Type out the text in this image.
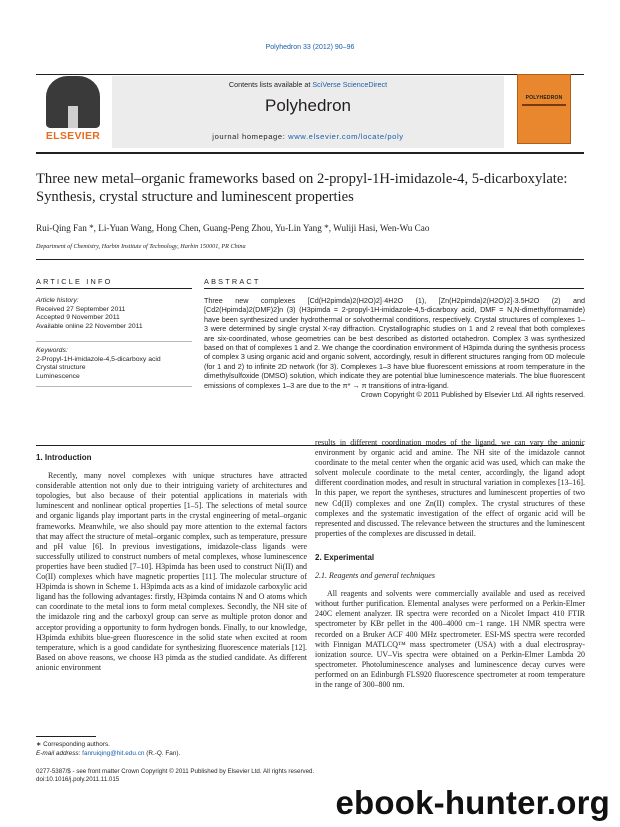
Polyhedron 33 (2012) 90–96
ELSEVIER
Contents lists available at SciVerse ScienceDirect
Polyhedron
journal homepage: www.elsevier.com/locate/poly
POLYHEDRON
Three new metal–organic frameworks based on 2-propyl-1H-imidazole-4, 5-dicarboxylate: Synthesis, crystal structure and luminescent properties
Rui-Qing Fan *, Li-Yuan Wang, Hong Chen, Guang-Peng Zhou, Yu-Lin Yang *, Wuliji Hasi, Wen-Wu Cao
Department of Chemistry, Harbin Institute of Technology, Harbin 150001, PR China
ARTICLE INFO	ABSTRACT
Article history:
Received 27 September 2011
Accepted 9 November 2011
Available online 22 November 2011
Keywords:
2-Propyl-1H-imidazole-4,5-dicarboxy acid
Crystal structure
Luminescence
Three new complexes [Cd(H2pimda)2(H2O)2]·4H2O (1), [Zn(H2pimda)2(H2O)2]·3.5H2O (2) and [Cd2(Hpimda)2(DMF)2]n (3) (H3pimda = 2-propyl-1H-imidazole-4,5-dicarboxy acid, DMF = N,N-dimethylformamide) have been synthesized under hydrothermal or solvothermal conditions, respectively. Crystal structures of complexes 1–3 were determined by single crystal X-ray diffraction. Crystallographic studies on 1 and 2 reveal that both complexes are six-coordinated, whose geometries can be best described as distorted octahedron. Complex 3 was synthesized based on that of complexes 1 and 2. We change the coordination environment of H3pimda during the synthesis process of complex 3 using organic acid and organic solvent, accordingly, result in different structures ranging from 0D molecule (for 1 and 2) to infinite 2D network (for 3). Complexes 1–3 have blue fluorescent emissions at room temperature in the dimethylsulfoxide (DMSO) solution, which indicate they are potential blue luminescence materials. The blue fluorescent emissions of complexes 1–3 are due to the π* → π transitions of intra-ligand.
Crown Copyright © 2011 Published by Elsevier Ltd. All rights reserved.
1. Introduction

Recently, many novel complexes with unique structures have attracted considerable attention not only due to their intriguing variety of architectures and topologies, but also because of their potential applications in materials with luminescent and nonlinear optical properties [1–5]. The selections of metal source and organic ligands play important parts in the crystal engineering of metal–organic frameworks. Meanwhile, we also should pay more attention to the external factors that may affect the structure of metal–organic complex, such as temperature, pressure and pH value [6]. In previous investigations, imidazole-class ligands were successfully utilized to construct numbers of metal complexes, whose luminescence properties have been studied [7–10]. H3pimda has been used to construct Ni(II) and Co(II) complexes which have magnetic properties [11]. The molecular structure of H3pimda is shown in Scheme 1. H3pimda acts as a kind of imidazole carboxylic acid ligand has the following advantages: firstly, H3pimda contains N and O atoms which can coordinate to the metal ions to form metal complexes. Secondly, the NH site of the imidazole ring and the carboxyl group can serve as multiple proton donor and acceptor providing a opportunity to form hydrogen bonds. Finally, to our knowledge, H3pimda exhibits blue-green fluorescence in the solid state when excited at room temperature, which is a good candidate for synthesizing fluorescence materials [12]. Based on above reasons, we choose H3 pimda as the studied candidate. As different anionic environment

results in different coordination modes of the ligand, we can vary the anionic environment by organic acid and amine. The NH site of the imidazole cannot coordinate to the metal center when the organic acid was used, which can make the solvent molecule coordinate to the metal center, accordingly, the ligand adopt different coordination modes, and result in structural variation in complexes [13–16]. In this paper, we report the syntheses, structures and luminescent properties of two new Cd(II) complexes and one Zn(II) complex. The crystal structures of these complexes and the systematic investigation of the effect of organic acid will be represented and discussed. The relevance between the structures and the luminescent properties of the complexes are discussed in detail.

2. Experimental
2.1. Reagents and general techniques

All reagents and solvents were commercially available and used as received without further purification. Elemental analyses were performed on a Perkin-Elmer 240C element analyzer. IR spectra were recorded on a Nicolet Impact 410 FTIR spectrometer by KBr pellet in the 400–4000 cm−1 range. 1H NMR spectra were recorded on a Bruker ACF 400 MHz spectrometer. ESI-MS spectra were recorded with Finnigan MATLCQ™ mass spectrometer (USA) with a dual electrospray-ionization source. UV–Vis spectra were obtained on a Perkin-Elmer Lambda 20 spectrometer. Photoluminescence analyses and luminescence decay curves were performed on an Edinburgh FLS920 fluorescence spectrometer at room temperature in the range of 300–800 nm.

∗ Corresponding authors.
E-mail address: fanruiqing@hit.edu.cn (R.-Q. Fan).
0277-5387/$ - see front matter Crown Copyright © 2011 Published by Elsevier Ltd. All rights reserved.
doi:10.1016/j.poly.2011.11.015
ebook-hunter.org
